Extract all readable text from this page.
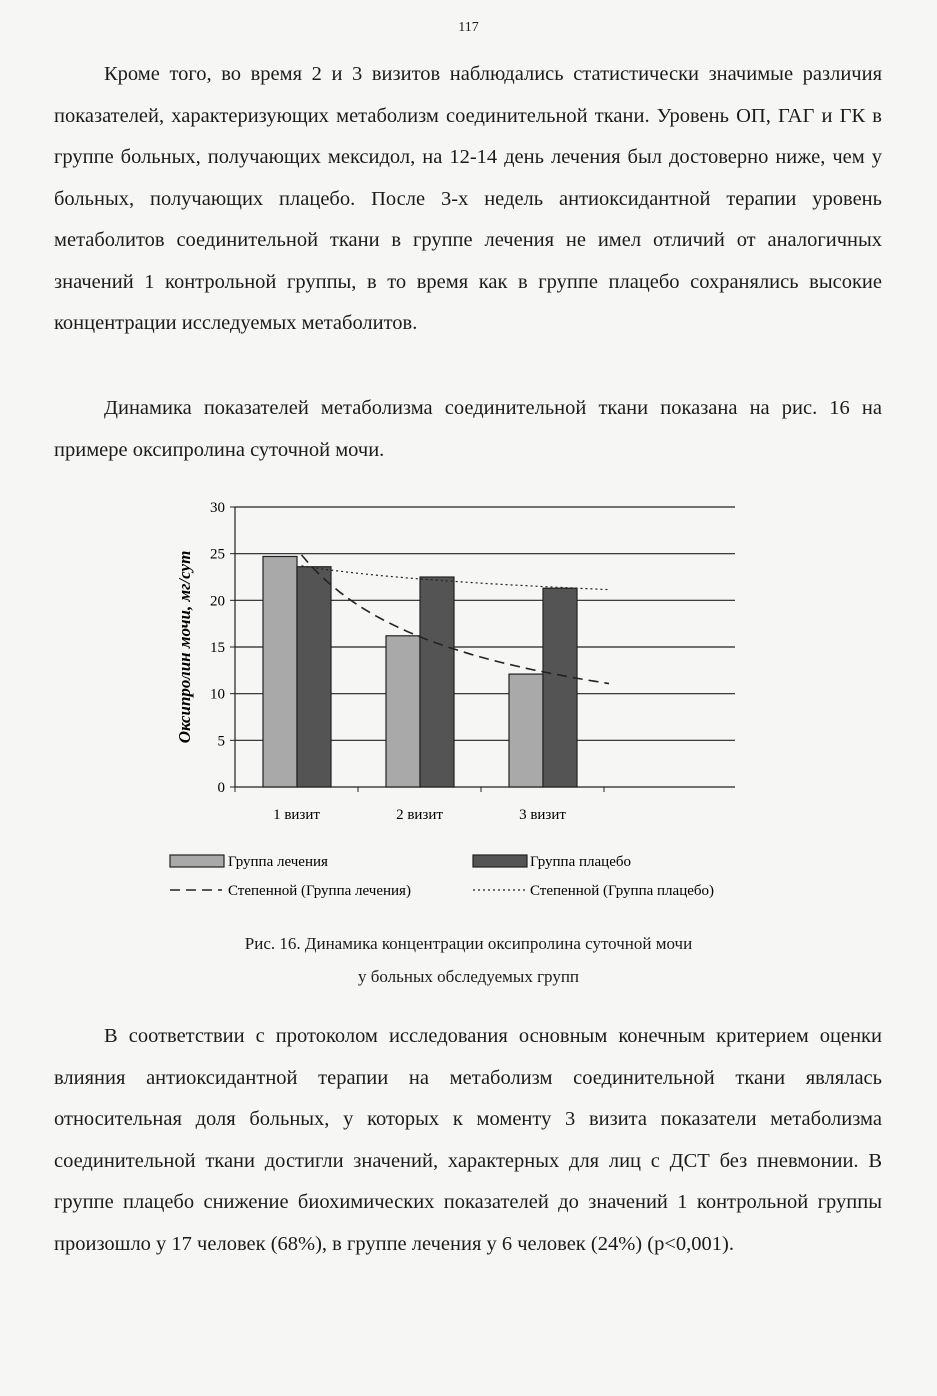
117

Кроме того, во время 2 и 3 визитов наблюдались статистически значимые различия показателей, характеризующих метаболизм соединительной ткани. Уровень ОП, ГАГ и ГК в группе больных, получающих мексидол, на 12-14 день лечения был достоверно ниже, чем у больных, получающих плацебо. После 3-х недель антиоксидантной терапии уровень метаболитов соединительной ткани в группе лечения не имел отличий от аналогичных значений 1 контрольной группы, в то время как в группе плацебо сохранялись высокие концентрации исследуемых метаболитов.

Динамика показателей метаболизма соединительной ткани показана на рис. 16 на примере оксипролина суточной мочи.

0
5
10
15
20
25
30
1 визит	2 визит	3 визит
Оксипролин мочи, мг/сут
Группа лечения	Группа плацебо
Степенной (Группа лечения)	Степенной (Группа плацебо)
Рис. 16. Динамика концентрации оксипролина суточной мочи
у больных обследуемых групп

В соответствии с протоколом исследования основным конечным критерием оценки влияния антиоксидантной терапии на метаболизм соединительной ткани являлась относительная доля больных, у которых к моменту 3 визита показатели метаболизма соединительной ткани достигли значений, характерных для лиц с ДСТ без пневмонии. В группе плацебо снижение биохимических показателей до значений 1 контрольной группы произошло у 17 человек (68%), в группе лечения у 6 человек (24%) (p<0,001).
